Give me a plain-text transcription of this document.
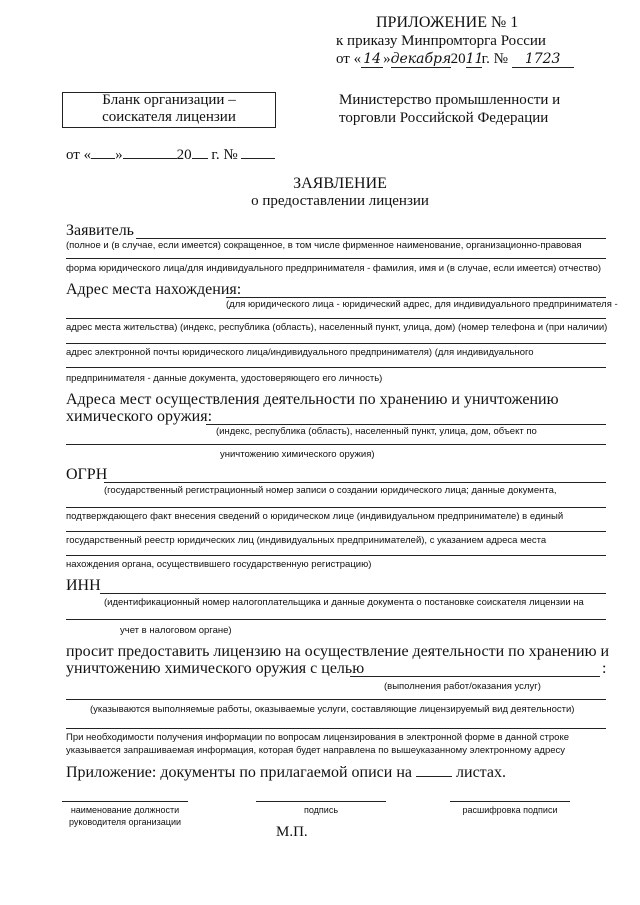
ПРИЛОЖЕНИЕ № 1
к приказу Минпромторга России
от « 14 »декабря2011г. № 1723
Бланк организации –
соискателя лицензии
Министерство промышленности и
торговли Российской Федерации
от « »	20 г. №
ЗАЯВЛЕНИЕ
о предоставлении лицензии
Заявитель
(полное и (в случае, если имеется) сокращенное, в том числе фирменное наименование, организационно-правовая
форма юридического лица/для индивидуального предпринимателя - фамилия, имя и (в случае, если имеется) отчество)
Адрес места нахождения:
(для юридического лица - юридический адрес, для индивидуального предпринимателя -
адрес места жительства) (индекс, республика (область), населенный пункт, улица, дом) (номер телефона и (при наличии)
адрес электронной почты юридического лица/индивидуального предпринимателя) (для индивидуального
предпринимателя - данные документа, удостоверяющего его личность)
Адреса мест осуществления деятельности по хранению и уничтожению
химического оружия:
(индекс, республика (область), населенный пункт, улица, дом, объект по
уничтожению химического оружия)
ОГРН
(государственный регистрационный номер записи о создании юридического лица; данные документа,
подтверждающего факт внесения сведений о юридическом лице (индивидуальном предпринимателе) в единый
государственный реестр юридических лиц (индивидуальных предпринимателей), с указанием адреса места
нахождения органа, осуществившего государственную регистрацию)
ИНН
(идентификационный номер налогоплательщика и данные документа о постановке соискателя лицензии на
учет в налоговом органе)
просит предоставить лицензию на осуществление деятельности по хранению и
уничтожению химического оружия с целью	:
(выполнения работ/оказания услуг)
(указываются выполняемые работы, оказываемые услуги, составляющие лицензируемый вид деятельности)
При необходимости получения информации по вопросам лицензирования в электронной форме в данной строке
указывается запрашиваемая информация, которая будет направлена по вышеуказанному электронному адресу
Приложение: документы по прилагаемой описи на	листах.
наименование должности
руководителя организации
подпись	расшифровка подписи
М.П.
